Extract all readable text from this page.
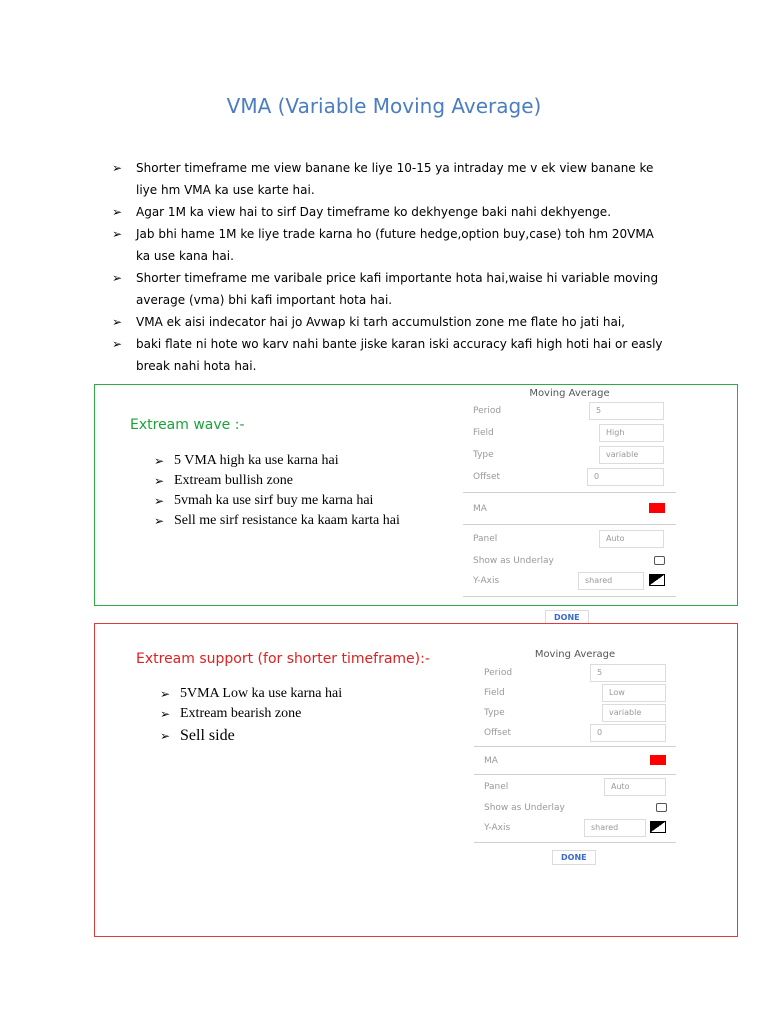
VMA (Variable Moving Average)
➢	Shorter timeframe me view banane ke liye 10-15 ya intraday me v ek view banane ke
liye hm VMA ka use karte hai.
➢	Agar 1M ka view hai to sirf Day timeframe ko dekhyenge baki nahi dekhyenge.
➢	Jab bhi hame 1M ke liye trade karna ho (future hedge,option buy,case) toh hm 20VMA
ka use kana hai.
➢	Shorter timeframe me varibale price kafi importante hota hai,waise hi variable moving
average (vma) bhi kafi important hota hai.
➢	VMA ek aisi indecator hai jo Avwap ki tarh accumulstion zone me flate ho jati hai,
➢	baki flate ni hote wo karv nahi bante jiske karan iski accuracy kafi high hoti hai or easly
break nahi hota hai.
Extream wave :-
➢ 5 VMA high ka use karna hai
➢ Extream bullish zone
➢ 5vmah ka use sirf buy me karna hai
➢ Sell me sirf resistance ka kaam karta hai
Moving Average
Period	5
Field	High
Type	variable
Offset	0
MA
Panel	Auto
Show as Underlay
Y-Axis	shared
DONE
Extream support (for shorter timeframe):-
➢ 5VMA Low ka use karna hai
➢ Extream bearish zone
➢ Sell side
Moving Average
Period	5
Field	Low
Type	variable
Offset	0
MA
Panel	Auto
Show as Underlay
Y-Axis	shared
DONE
